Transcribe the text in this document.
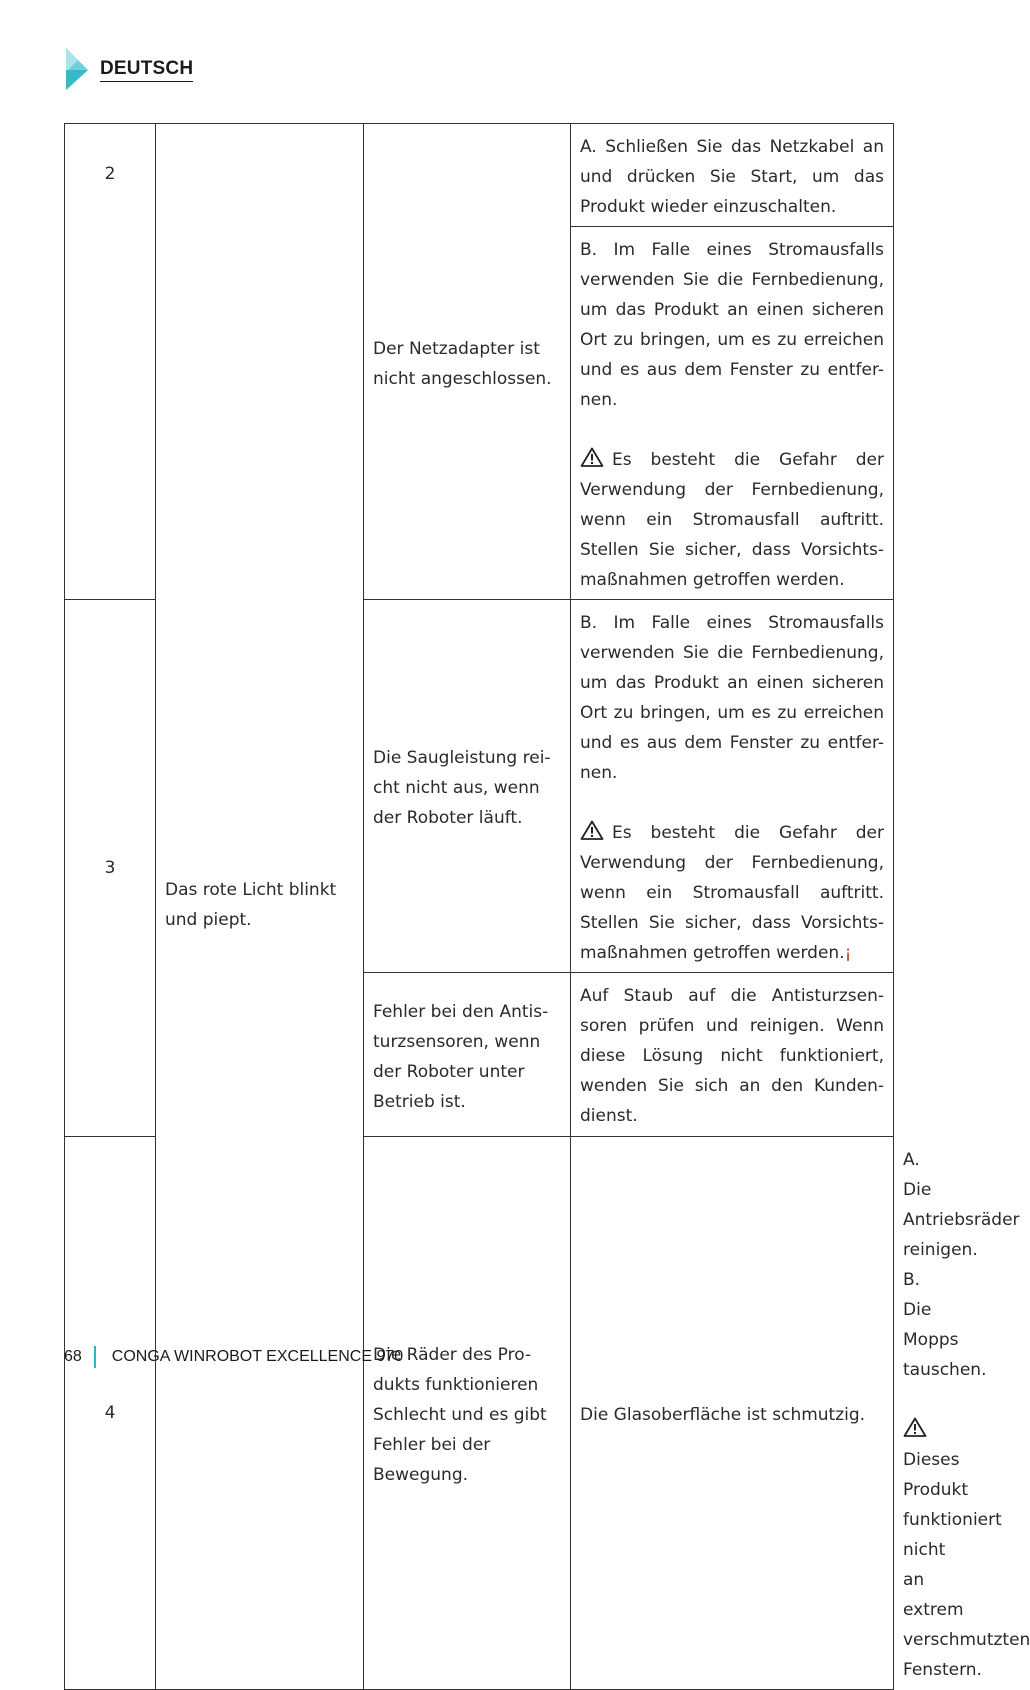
DEUTSCH
2	Das rote Licht blinkt und piept.	Der Netzadapter ist nicht angeschlossen.	A. Schließen Sie das Netzkabel an und drücken Sie Start, um das Produkt wieder einzuschalten.	

			B. Im Falle eines Stromausfalls verwenden Sie die Fernbedienung, um das Produkt an einen sicheren Ort zu bringen, um es zu erreichen und es aus dem Fenster zu entfer-nen.

Es besteht die Gefahr der Verwendung der Fernbedienung, wenn ein Stromausfall auftritt. Stellen Sie sicher, dass Vorsichts-maßnahmen getroffen werden.	

3		Die Saugleistung rei-cht nicht aus, wenn der Roboter läuft.	B. Im Falle eines Stromausfalls verwenden Sie die Fernbedienung, um das Produkt an einen sicheren Ort zu bringen, um es zu erreichen und es aus dem Fenster zu entfer-nen.

Es besteht die Gefahr der Verwendung der Fernbedienung, wenn ein Stromausfall auftritt. Stellen Sie sicher, dass Vorsichts-maßnahmen getroffen werden.¡	

		Fehler bei den Antis-turzsensoren, wenn der Roboter unter Betrieb ist.	Auf Staub auf die Antisturzsen-soren prüfen und reinigen. Wenn diese Lösung nicht funktioniert, wenden Sie sich an den Kunden-dienst.	

4		Die Räder des Pro-dukts funktionieren Schlecht und es gibt Fehler bei der Bewegung.	Die Glasoberfläche ist schmutzig.	A. Die Antriebsräder reinigen.

B. Die Mopps tauschen.

Dieses Produkt funktioniert nicht an extrem verschmutzten Fenstern.

68 CONGA WINROBOT EXCELLENCE 970
